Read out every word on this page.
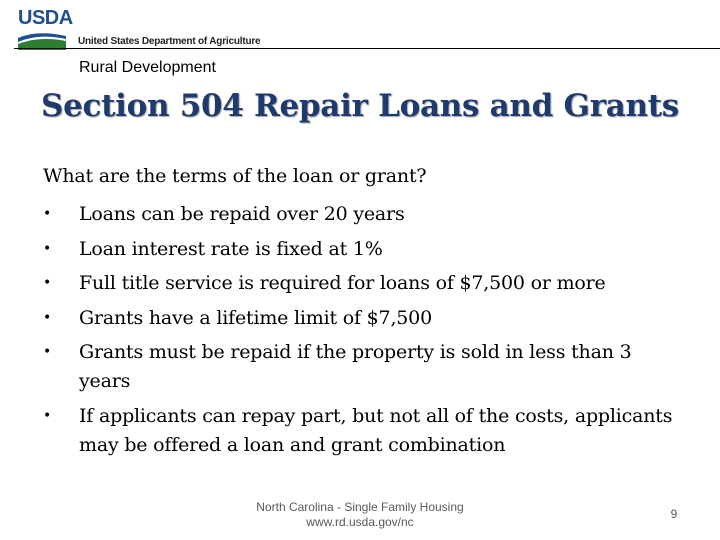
USDA
United States Department of Agriculture
Rural Development
Section 504 Repair Loans and Grants
What are the terms of the loan or grant?
• Loans can be repaid over 20 years
• Loan interest rate is fixed at 1%
• Full title service is required for loans of $7,500 or more
• Grants have a lifetime limit of $7,500
• Grants must be repaid if the property is sold in less than 3 years
• If applicants can repay part, but not all of the costs, applicants may be offered a loan and grant combination
North Carolina - Single Family Housing
www.rd.usda.gov/nc
9
